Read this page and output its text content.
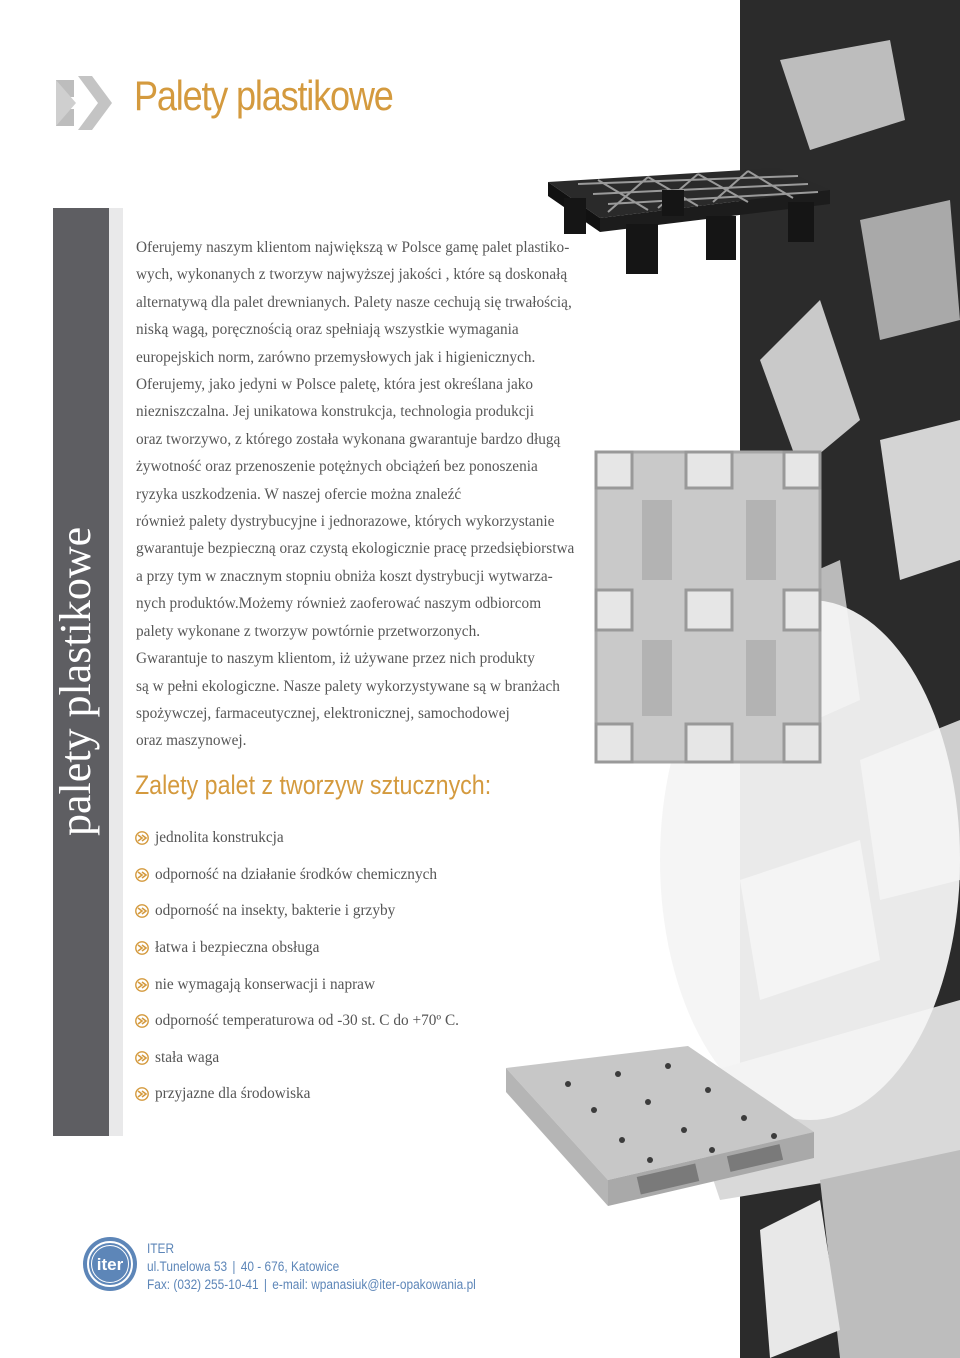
Palety plastikowe
palety plastikowe

Oferujemy naszym klientom największą w Polsce gamę palet plastiko-
wych, wykonanych z tworzyw najwyższej jakości , które są doskonałą
alternatywą dla palet drewnianych. Palety nasze cechują się trwałością,
niską wagą, poręcznością oraz spełniają wszystkie wymagania
europejskich norm, zarówno przemysłowych jak i higienicznych.
Oferujemy, jako jedyni w Polsce paletę, która jest określana jako
niezniszczalna. Jej unikatowa konstrukcja, technologia produkcji
oraz tworzywo, z którego została wykonana gwarantuje bardzo długą
żywotność oraz przenoszenie potężnych obciążeń bez ponoszenia
ryzyka uszkodzenia. W naszej ofercie można znaleźć
również palety dystrybucyjne i jednorazowe, których wykorzystanie
gwarantuje bezpieczną oraz czystą ekologicznie pracę przedsiębiorstwa
a przy tym w znacznym stopniu obniża koszt dystrybucji wytwarza-
nych produktów.Możemy również zaoferować naszym odbiorcom
palety wykonane z tworzyw powtórnie przetworzonych.
Gwarantuje to naszym klientom, iż używane przez nich produkty
są w pełni ekologiczne. Nasze palety wykorzystywane są w branżach
spożywczej, farmaceutycznej, elektronicznej, samochodowej
oraz maszynowej.

Zalety palet z tworzyw sztucznych:
jednolita konstrukcja
odporność na działanie środków chemicznych
odporność na insekty, bakterie i grzyby
łatwa i bezpieczna obsługa
nie wymagają konserwacji i napraw
odporność temperaturowa od -30 st. C do +70º C.
stała waga
przyjazne dla środowiska
iter
ITER
ul.Tunelowa 53 | 40 - 676, Katowice
Fax: (032) 255-10-41 | e-mail: wpanasiuk@iter-opakowania.pl
